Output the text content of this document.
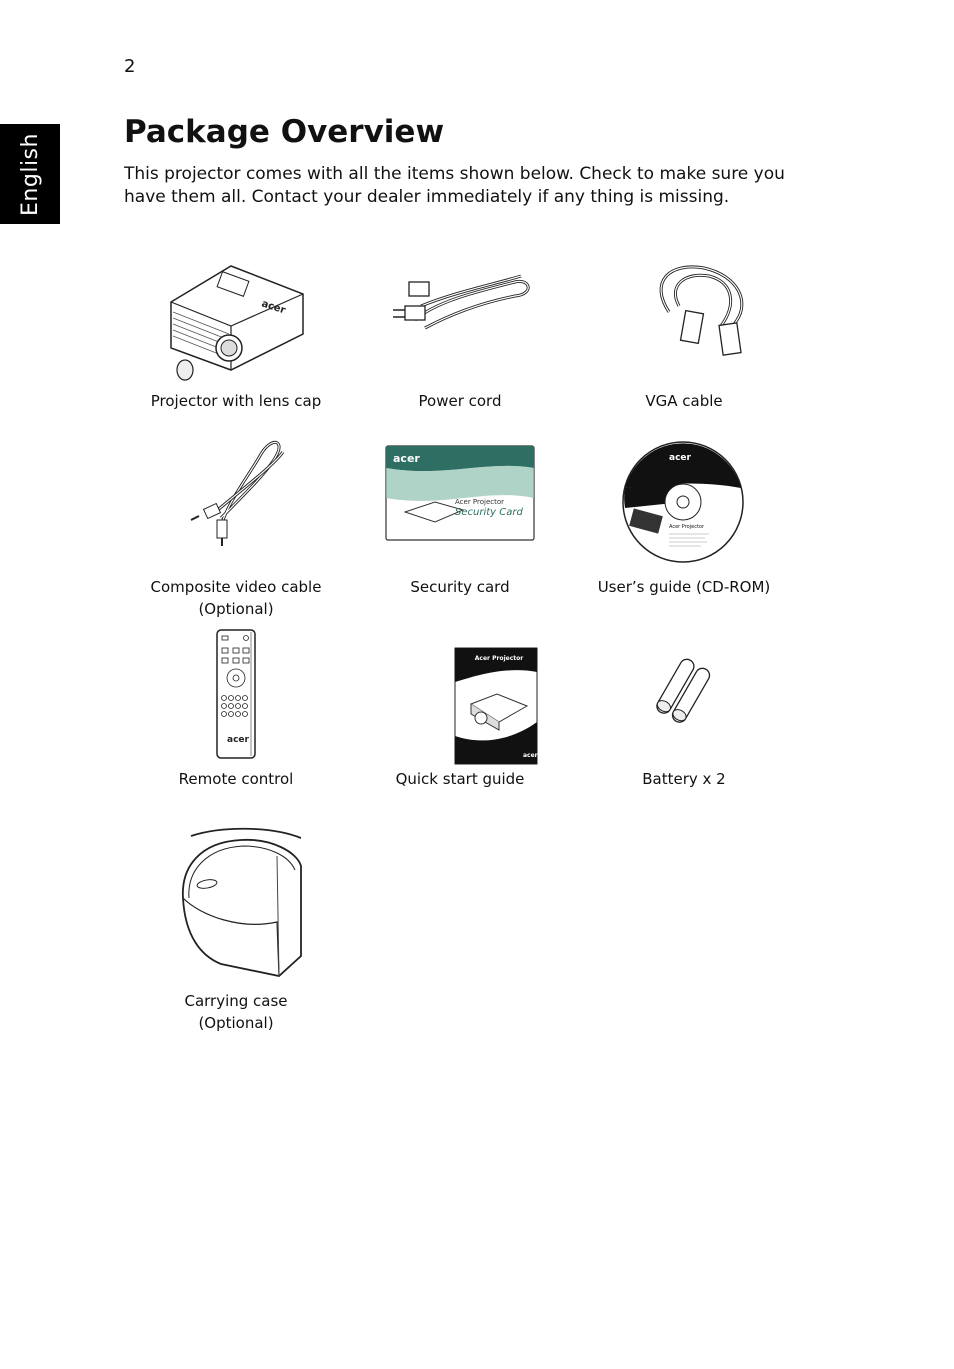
2
English
Package Overview

This projector comes with all the items shown below. Check to make sure you have them all. Contact your dealer immediately if any thing is missing.

acer
Projector with lens cap	Power cord	VGA cable
Composite video cable
(Optional)
acer
Acer Projector
Security Card
Security card
acer
Acer Projector
User’s guide (CD-ROM)
acer
Remote control
Acer Projector
acer
Quick start guide	Battery x 2
Carrying case
(Optional)
